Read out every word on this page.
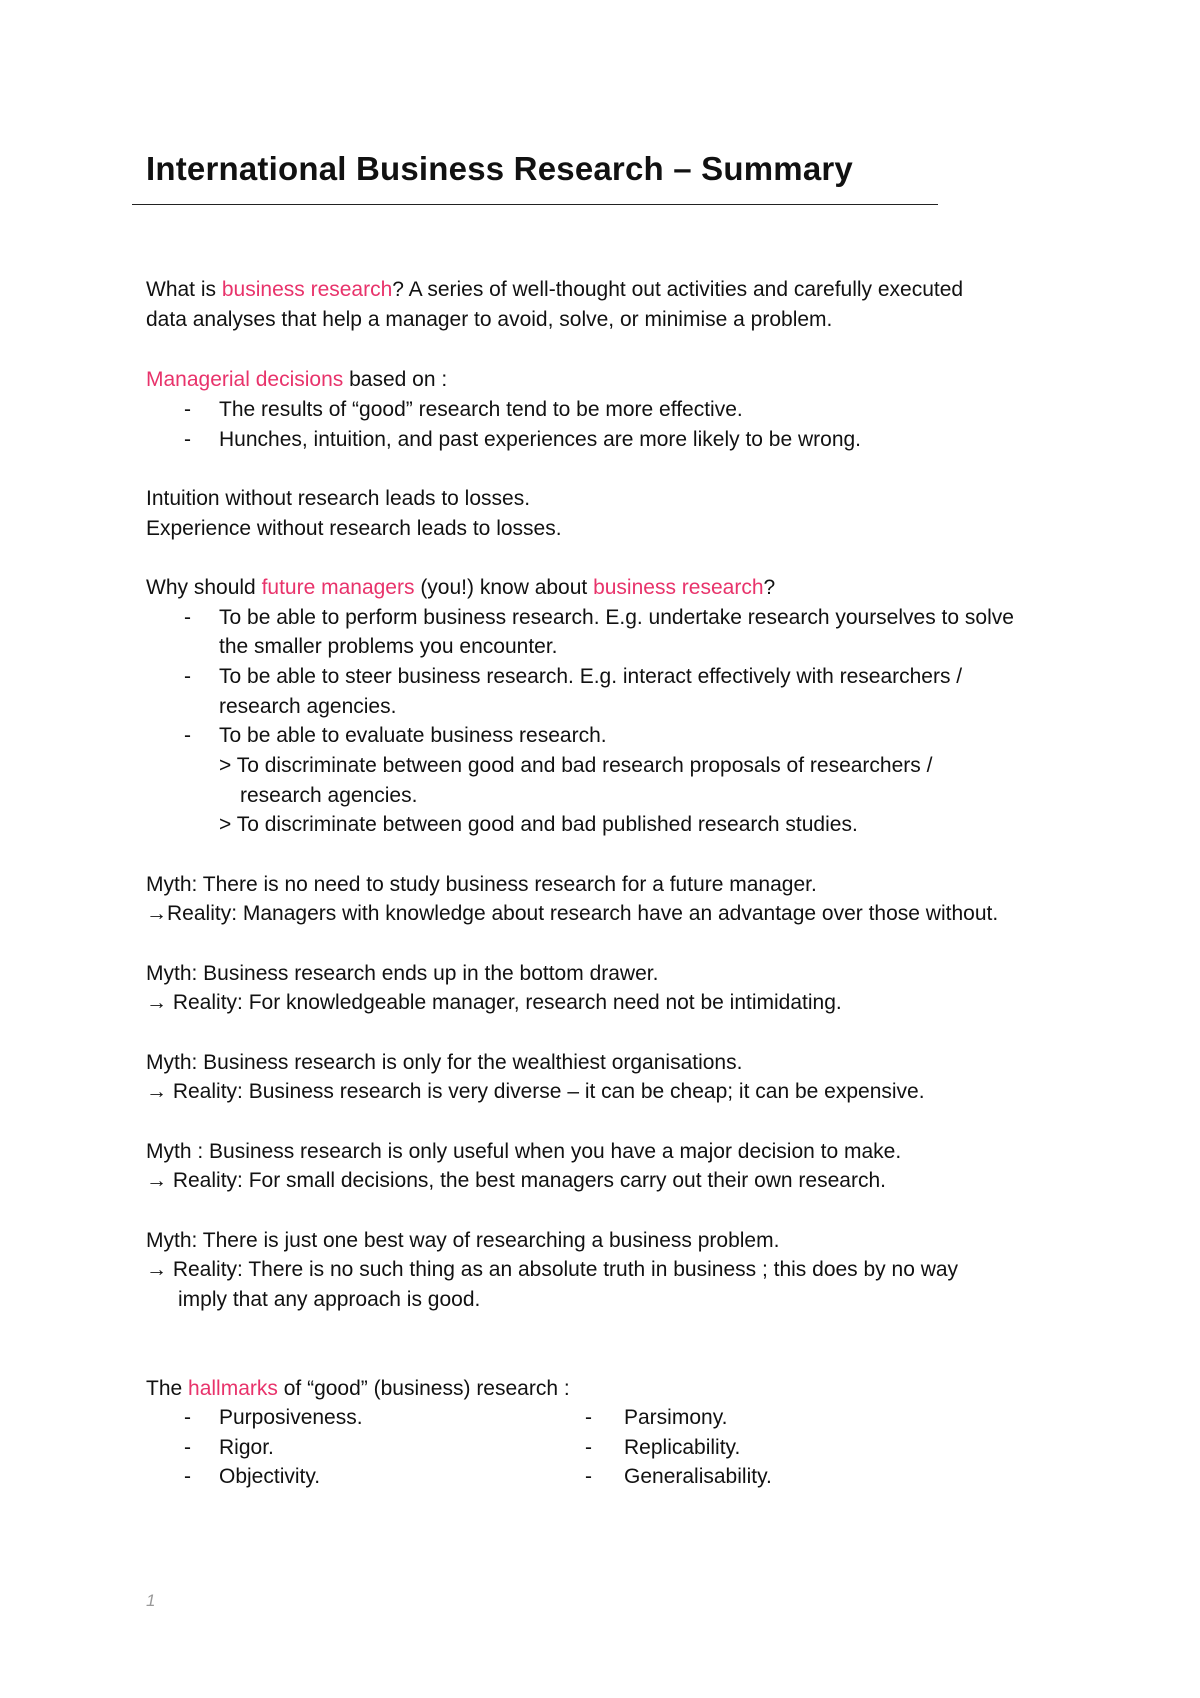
International Business Research – Summary
What is business research? A series of well-thought out activities and carefully executed
data analyses that help a manager to avoid, solve, or minimise a problem.
Managerial decisions based on :
- The results of “good” research tend to be more effective.
- Hunches, intuition, and past experiences are more likely to be wrong.
Intuition without research leads to losses.
Experience without research leads to losses.
Why should future managers (you!) know about business research?
- To be able to perform business research. E.g. undertake research yourselves to solve
the smaller problems you encounter.
- To be able to steer business research. E.g. interact effectively with researchers /
research agencies.
- To be able to evaluate business research.
> To discriminate between good and bad research proposals of researchers /
research agencies.
> To discriminate between good and bad published research studies.
Myth: There is no need to study business research for a future manager.
→Reality: Managers with knowledge about research have an advantage over those without.
Myth: Business research ends up in the bottom drawer.
→ Reality: For knowledgeable manager, research need not be intimidating.
Myth: Business research is only for the wealthiest organisations.
→ Reality: Business research is very diverse – it can be cheap; it can be expensive.
Myth : Business research is only useful when you have a major decision to make.
→ Reality: For small decisions, the best managers carry out their own research.
Myth: There is just one best way of researching a business problem.
→ Reality: There is no such thing as an absolute truth in business ; this does by no way
imply that any approach is good.
The hallmarks of “good” (business) research :
- Purposiveness.
- Rigor.
- Objectivity.
- Parsimony.
- Replicability.
- Generalisability.
1
